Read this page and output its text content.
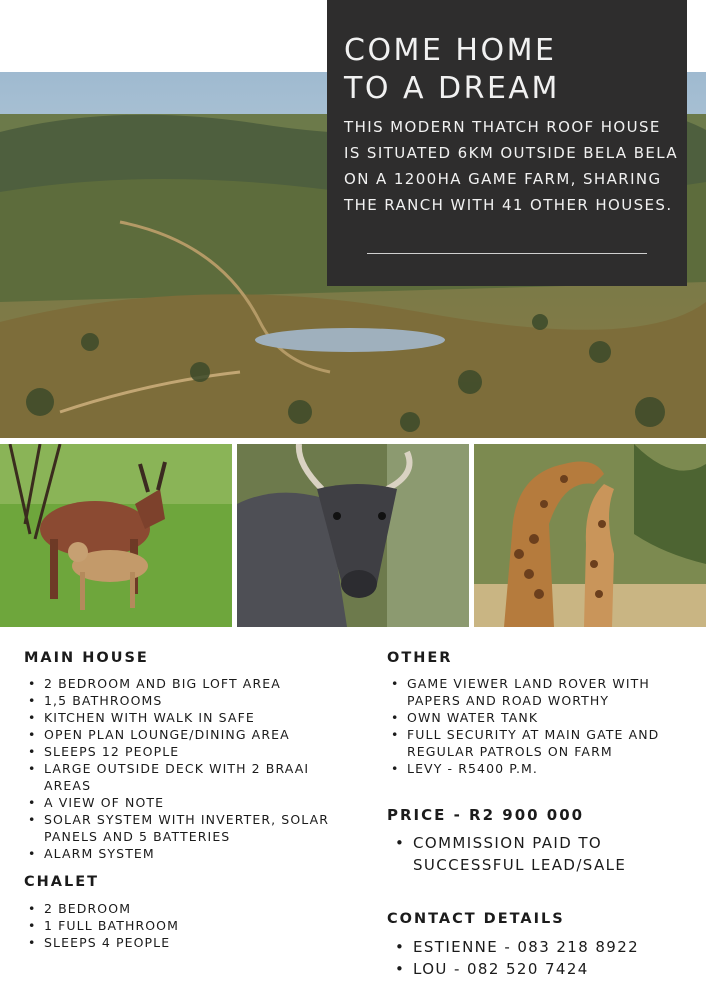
COME HOME
TO A DREAM
THIS MODERN THATCH ROOF HOUSE IS SITUATED 6KM OUTSIDE BELA BELA ON A 1200HA GAME FARM, SHARING THE RANCH WITH 41 OTHER HOUSES.
MAIN HOUSE
• 2 BEDROOM AND BIG LOFT AREA
• 1,5 BATHROOMS
• KITCHEN WITH WALK IN SAFE
• OPEN PLAN LOUNGE/DINING AREA
• SLEEPS 12 PEOPLE
• LARGE OUTSIDE DECK WITH 2 BRAAI AREAS
• A VIEW OF NOTE
• SOLAR SYSTEM WITH INVERTER, SOLAR PANELS AND 5 BATTERIES
• ALARM SYSTEM
CHALET
• 2 BEDROOM
• 1 FULL BATHROOM
• SLEEPS 4 PEOPLE
OTHER
• GAME VIEWER LAND ROVER WITH PAPERS AND ROAD WORTHY
• OWN WATER TANK
• FULL SECURITY AT MAIN GATE AND REGULAR PATROLS ON FARM
• LEVY - R5400 P.M.
PRICE - R2 900 000
• COMMISSION PAID TO SUCCESSFUL LEAD/SALE
CONTACT DETAILS
• ESTIENNE - 083 218 8922
• LOU - 082 520 7424
